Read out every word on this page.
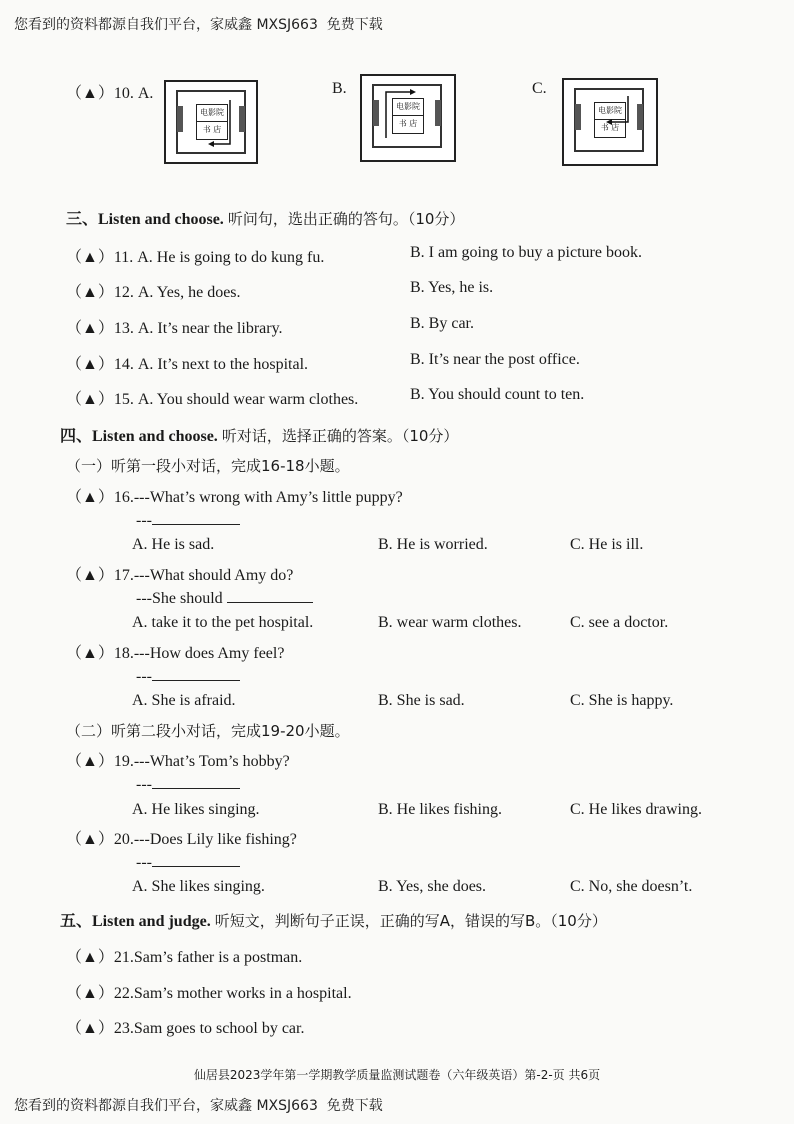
您看到的资料都源自我们平台，家威鑫 MXSJ663  免费下载
（▲）10. A.
电影院
书 店
B.
电影院
书 店
C.
电影院
书 店
三、Listen and choose. 听问句，选出正确的答句。（10分）
（▲）11. A. He is going to do kung fu.	B. I am going to buy a picture book.
（▲）12. A. Yes, he does.	B. Yes, he is.
（▲）13. A. It’s near the library.	B. By car.
（▲）14. A. It’s next to the hospital.	B. It’s near the post office.
（▲）15. A. You should wear warm clothes.	B. You should count to ten.
四、Listen and choose. 听对话，选择正确的答案。（10分）
（一）听第一段小对话，完成16-18小题。
（▲）16.---What’s wrong with Amy’s little puppy?
---
A. He is sad.	B. He is worried.	C. He is ill.
（▲）17.---What should Amy do?
---She should
A. take it to the pet hospital.	B. wear warm clothes.	C. see a doctor.
（▲）18.---How does Amy feel?
---
A. She is afraid.	B. She is sad.	C. She is happy.
（二）听第二段小对话，完成19-20小题。
（▲）19.---What’s Tom’s hobby?
---
A. He likes singing.	B. He likes fishing.	C. He likes drawing.
（▲）20.---Does Lily like fishing?
---
A. She likes singing.	B. Yes, she does.	C. No, she doesn’t.
五、Listen and judge. 听短文，判断句子正误，正确的写A，错误的写B。（10分）
（▲）21.Sam’s father is a postman.
（▲）22.Sam’s mother works in a hospital.
（▲）23.Sam goes to school by car.
仙居县2023学年第一学期教学质量监测试题卷（六年级英语）第-2-页 共6页
您看到的资料都源自我们平台，家威鑫 MXSJ663  免费下载
